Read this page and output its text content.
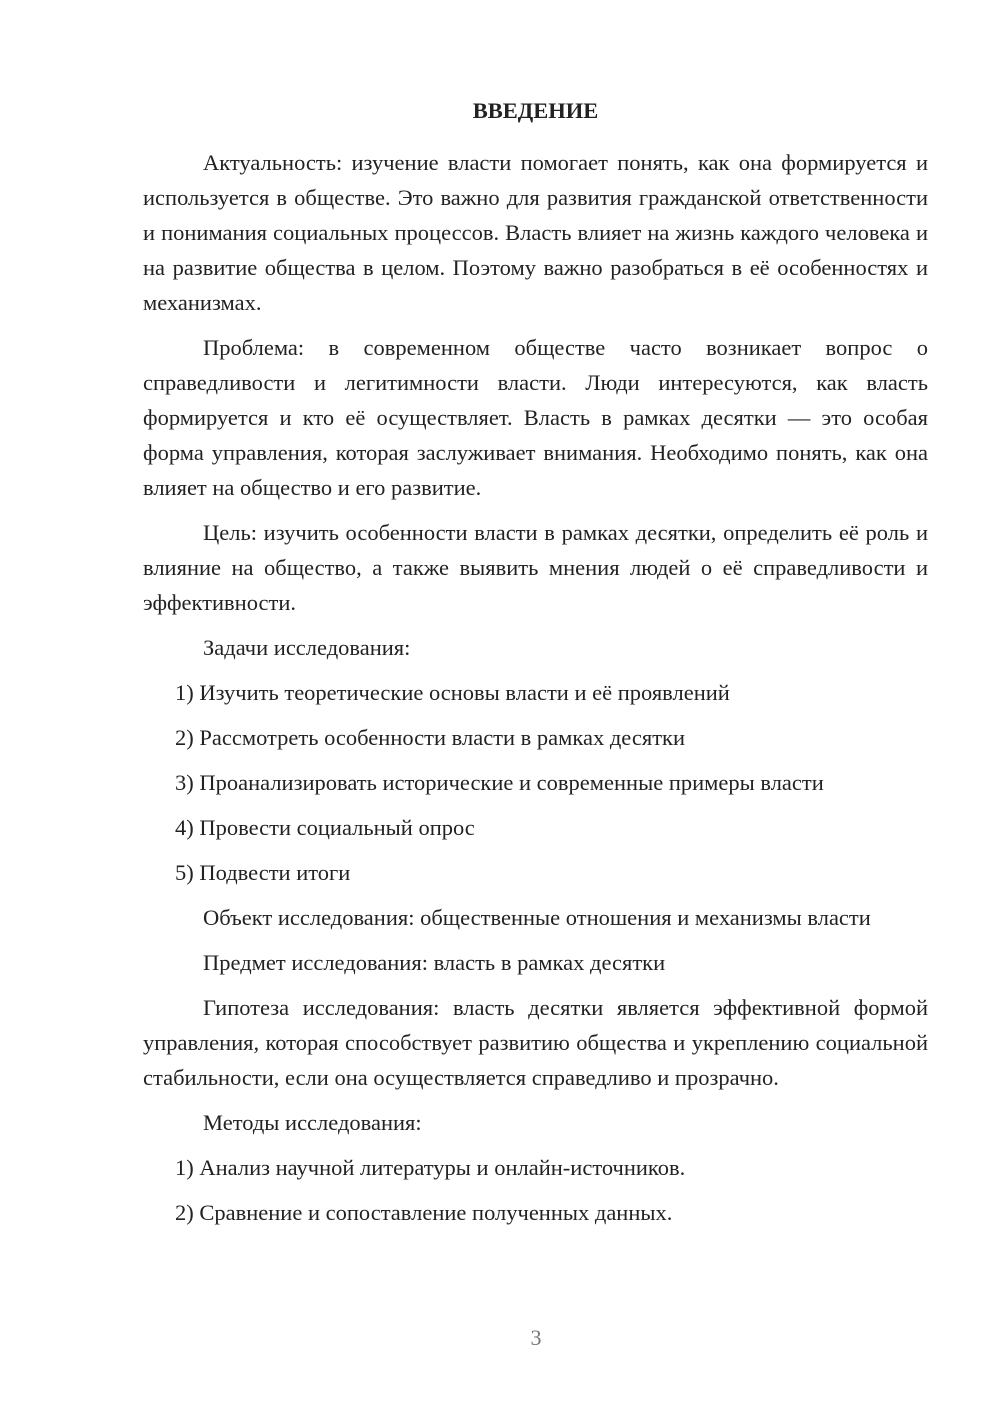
ВВЕДЕНИЕ

Актуальность: изучение власти помогает понять, как она формируется и используется в обществе. Это важно для развития гражданской ответственности и понимания социальных процессов. Власть влияет на жизнь каждого человека и на развитие общества в целом. Поэтому важно разобраться в её особенностях и механизмах.

Проблема: в современном обществе часто возникает вопрос о справедливости и легитимности власти. Люди интересуются, как власть формируется и кто её осуществляет. Власть в рамках десятки — это особая форма управления, которая заслуживает внимания. Необходимо понять, как она влияет на общество и его развитие.

Цель: изучить особенности власти в рамках десятки, определить её роль и влияние на общество, а также выявить мнения людей о её справедливости и эффективности.

Задачи исследования:

1) Изучить теоретические основы власти и её проявлений

2) Рассмотреть особенности власти в рамках десятки

3) Проанализировать исторические и современные примеры власти

4) Провести социальный опрос

5) Подвести итоги

Объект исследования: общественные отношения и механизмы власти

Предмет исследования: власть в рамках десятки

Гипотеза исследования: власть десятки является эффективной формой управления, которая способствует развитию общества и укреплению социальной стабильности, если она осуществляется справедливо и прозрачно.

Методы исследования:

1) Анализ научной литературы и онлайн-источников.

2) Сравнение и сопоставление полученных данных.

3
